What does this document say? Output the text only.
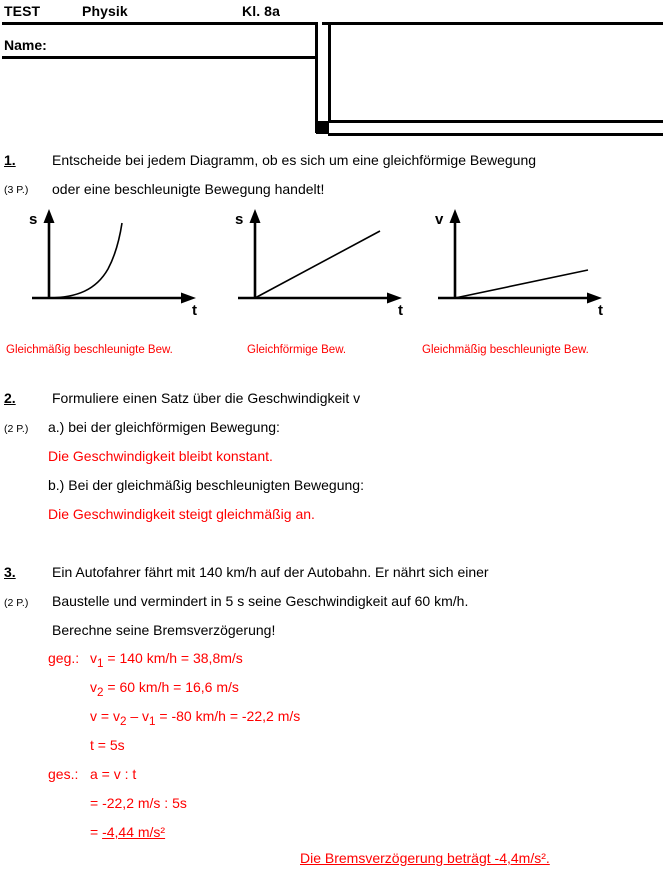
TEST	Physik	Kl. 8a
Name:
1.
(3 P.)
Entscheide bei jedem Diagramm, ob es sich um eine gleichförmige Bewegung
oder eine beschleunigte Bewegung handelt!
s
t
s
t
v
t
Gleichmäßig beschleunigte Bew.	Gleichförmige Bew.	Gleichmäßig beschleunigte Bew.
2.
(2 P.)
Formuliere einen Satz über die Geschwindigkeit v
a.) bei der gleichförmigen Bewegung:
Die Geschwindigkeit bleibt konstant.
b.) Bei der gleichmäßig beschleunigten Bewegung:
Die Geschwindigkeit steigt gleichmäßig an.
3.
(2 P.)
Ein Autofahrer fährt mit 140 km/h auf der Autobahn. Er nährt sich einer
Baustelle und vermindert in 5 s seine Geschwindigkeit auf 60 km/h.
Berechne seine Bremsverzögerung!
geg.: $v_1 = 140$ km/h = 38,8m/s
$v_2 = 60$ km/h = 16,6 m/s
$v = v_2 - v_1 = -80$ km/h = -22,2 m/s
t = 5s
ges.: a = v : t
= -22,2 m/s : 5s
= -4,44 m/s²
Die Bremsverzögerung beträgt -4,4m/s².
